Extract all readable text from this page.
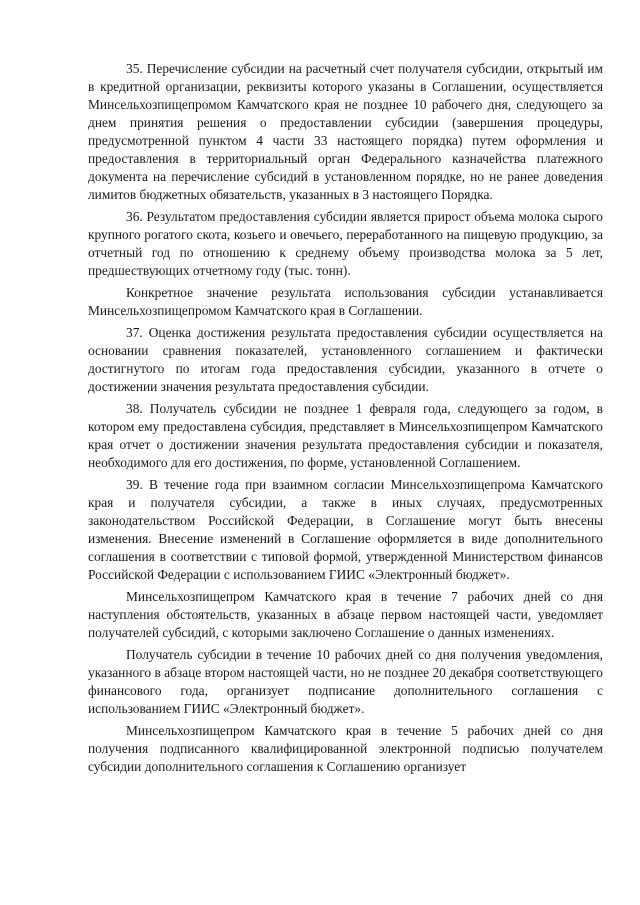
35. Перечисление субсидии на расчетный счет получателя субсидии, открытый им в кредитной организации, реквизиты которого указаны в Соглашении, осуществляется Минсельхозпищепромом Камчатского края не позднее 10 рабочего дня, следующего за днем принятия решения о предоставлении субсидии (завершения процедуры, предусмотренной пунктом 4 части 33 настоящего порядка) путем оформления и предоставления в территориальный орган Федерального казначейства платежного документа на перечисление субсидий в установленном порядке, но не ранее доведения лимитов бюджетных обязательств, указанных в 3 настоящего Порядка.

36. Результатом предоставления субсидии является прирост объема молока сырого крупного рогатого скота, козьего и овечьего, переработанного на пищевую продукцию, за отчетный год по отношению к среднему объему производства молока за 5 лет, предшествующих отчетному году (тыс. тонн).

Конкретное значение результата использования субсидии устанавливается Минсельхозпищепромом Камчатского края в Соглашении.

37. Оценка достижения результата предоставления субсидии осуществляется на основании сравнения показателей, установленного соглашением и фактически достигнутого по итогам года предоставления субсидии, указанного в отчете о достижении значения результата предоставления субсидии.

38. Получатель субсидии не позднее 1 февраля года, следующего за годом, в котором ему предоставлена субсидия, представляет в Минсельхозпищепром Камчатского края отчет о достижении значения результата предоставления субсидии и показателя, необходимого для его достижения, по форме, установленной Соглашением.

39. В течение года при взаимном согласии Минсельхозпищепрома Камчатского края и получателя субсидии, а также в иных случаях, предусмотренных законодательством Российской Федерации, в Соглашение могут быть внесены изменения. Внесение изменений в Соглашение оформляется в виде дополнительного соглашения в соответствии с типовой формой, утвержденной Министерством финансов Российской Федерации с использованием ГИИС «Электронный бюджет».

Минсельхозпищепром Камчатского края в течение 7 рабочих дней со дня наступления обстоятельств, указанных в абзаце первом настоящей части, уведомляет получателей субсидий, с которыми заключено Соглашение о данных изменениях.

Получатель субсидии в течение 10 рабочих дней со дня получения уведомления, указанного в абзаце втором настоящей части, но не позднее 20 декабря соответствующего финансового года, организует подписание дополнительного соглашения с использованием ГИИС «Электронный бюджет».

Минсельхозпищепром Камчатского края в течение 5 рабочих дней со дня получения подписанного квалифицированной электронной подписью получателем субсидии дополнительного соглашения к Соглашению организует
